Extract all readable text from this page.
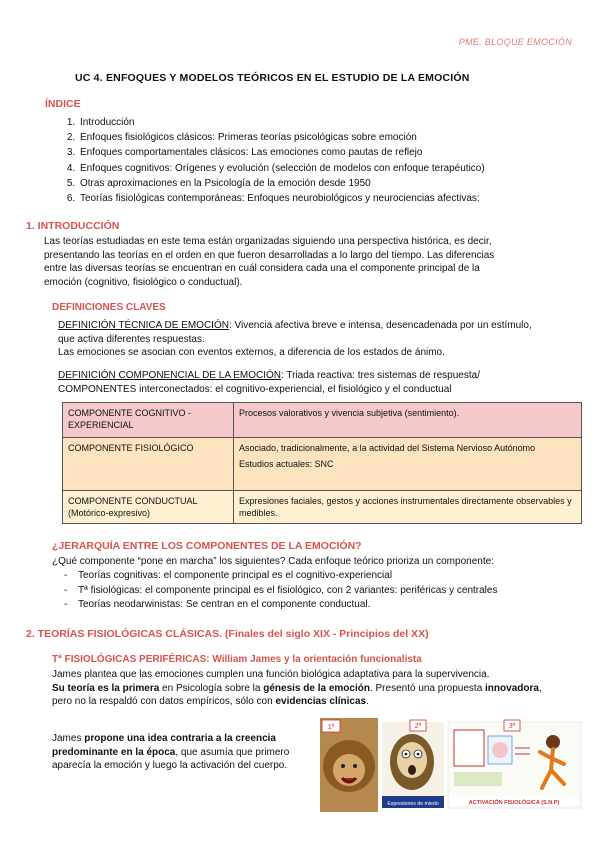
PME. BLOQUE EMOCIÓN
UC 4. ENFOQUES Y MODELOS TEÓRICOS EN EL ESTUDIO DE LA EMOCIÓN
ÍNDICE
1. Introducción
2. Enfoques fisiológicos clásicos: Primeras teorías psicológicas sobre emoción
3. Enfoques comportamentales clásicos: Las emociones como pautas de reflejo
4. Enfoques cognitivos: Orígenes y evolución (selección de modelos con enfoque terapéutico)
5. Otras aproximaciones en la Psicología de la emoción desde 1950
6. Teorías fisiológicas contemporáneas: Enfoques neurobiológicos y neurociencias afectivas:
1. INTRODUCCIÓN
Las teorías estudiadas en este tema están organizadas siguiendo una perspectiva histórica, es decir,
presentando las teorías en el orden en que fueron desarrolladas a lo largo del tiempo. Las diferencias
entre las diversas teorías se encuentran en cuál considera cada una el componente principal de la
emoción (cognitivo, fisiológico o conductual).
DEFINICIONES CLAVES
DEFINICIÓN TÉCNICA DE EMOCIÓN: Vivencia afectiva breve e intensa, desencadenada por un estímulo,
que activa diferentes respuestas.
Las emociones se asocian con eventos externos, a diferencia de los estados de ánimo.
DEFINICIÓN COMPONENCIAL DE LA EMOCIÓN: Triada reactiva: tres sistemas de respuesta/
COMPONENTES interconectados: el cognitivo-experiencial, el fisiológico y el conductual
COMPONENTE COGNITIVO - EXPERIENCIAL	Procesos valorativos y vivencia subjetiva (sentimiento).
COMPONENTE FISIOLÓGICO	Asociado, tradicionalmente, a la actividad del Sistema Nervioso Autónomo
Estudios actuales: SNC

COMPONENTE CONDUCTUAL (Motórico-expresivo)	Expresiones faciales, gestos y acciones instrumentales directamente observables y medibles.
¿JERARQUÍA ENTRE LOS COMPONENTES DE LA EMOCIÓN?
¿Qué componente “pone en marcha” los siguientes? Cada enfoque teórico prioriza un componente:
- Teorías cognitivas: el componente principal es el cognitivo-experiencial
- Tª fisiológicas: el componente principal es el fisiológico, con 2 variantes: periféricas y centrales
- Teorías neodarwinistas: Se centran en el componente conductual.
2. TEORÍAS FISIOLÓGICAS CLÁSICAS. (Finales del siglo XIX - Principios del XX)
Tª FISIOLÓGICAS PERIFÉRICAS: William James y la orientación funcionalista
James plantea que las emociones cumplen una función biológica adaptativa para la supervivencia.
Su teoría es la primera en Psicología sobre la génesis de la emoción. Presentó una propuesta innovadora,
pero no la respaldó con datos empíricos, sólo con evidencias clínicas.
James propone una idea contraria a la creencia
predominante en la época, que asumía que primero
aparecía la emoción y luego la activación del cuerpo.
1ª
Expresiones de miedo
2ª
ACTIVACIÓN FISIOLÓGICA (S.N.P)
3ª
